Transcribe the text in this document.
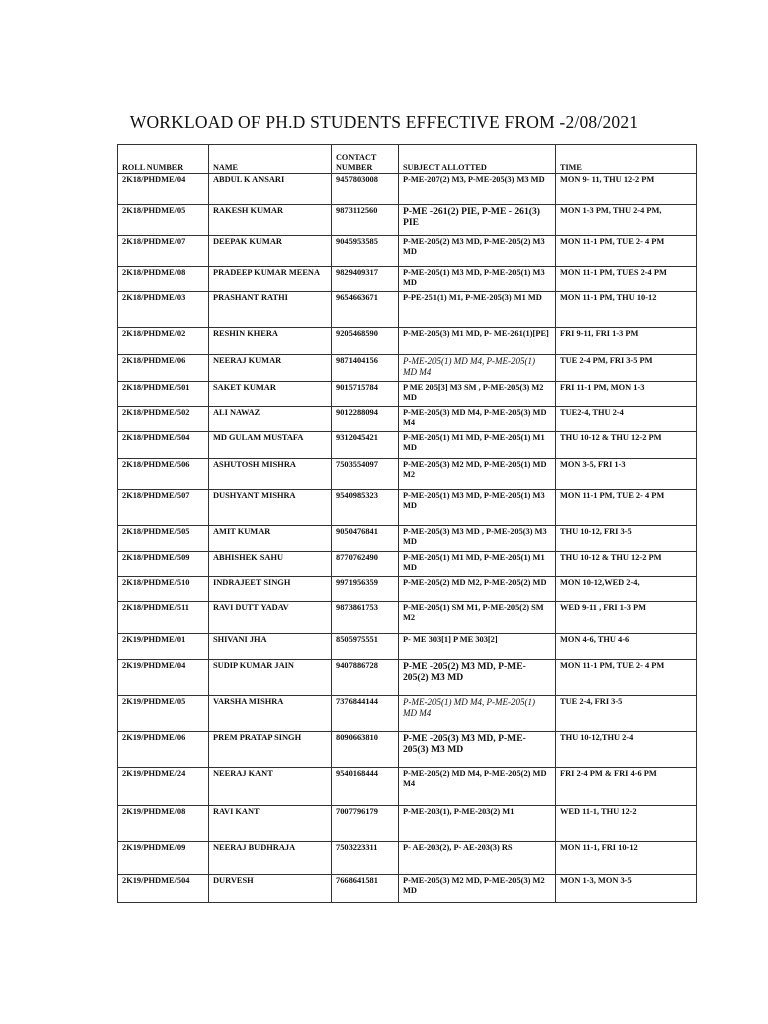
WORKLOAD OF PH.D STUDENTS EFFECTIVE FROM -2/08/2021
ROLL NUMBER	NAME	CONTACT NUMBER	SUBJECT ALLOTTED	TIME
2K18/PHDME/04	ABDUL K ANSARI	9457803008	P-ME-207(2) M3, P-ME-205(3) M3 MD	MON 9- 11, THU 12-2 PM
2K18/PHDME/05	RAKESH KUMAR	9873112560	P-ME -261(2) PIE, P-ME - 261(3) PIE	MON 1-3 PM, THU 2-4 PM,
2K18/PHDME/07	DEEPAK KUMAR	9045953585	P-ME-205(2) M3 MD, P-ME-205(2) M3 MD	MON 11-1 PM, TUE 2- 4 PM
2K18/PHDME/08	PRADEEP KUMAR MEENA	9829409317	P-ME-205(1) M3 MD, P-ME-205(1) M3 MD	MON 11-1 PM, TUES 2-4 PM
2K18/PHDME/03	PRASHANT RATHI	9654663671	P-PE-251(1) M1, P-ME-205(3) M1 MD	MON 11-1 PM, THU 10-12
2K18/PHDME/02	RESHIN KHERA	9205468590	P-ME-205(3) M1 MD, P- ME-261(1)[PE]	FRI 9-11, FRI 1-3 PM
2K18/PHDME/06	NEERAJ KUMAR	9871404156	P-ME-205(1) MD M4, P-ME-205(1) MD M4	TUE 2-4 PM, FRI 3-5 PM
2K18/PHDME/501	SAKET KUMAR	9015715784	P ME 205[3] M3 SM , P-ME-205(3) M2 MD	FRI 11-1 PM, MON 1-3
2K18/PHDME/502	ALI NAWAZ	9012288094	P-ME-205(3) MD M4, P-ME-205(3) MD M4	TUE2-4, THU 2-4
2K18/PHDME/504	MD GULAM MUSTAFA	9312045421	P-ME-205(1) M1 MD, P-ME-205(1) M1 MD	THU 10-12 & THU 12-2 PM
2K18/PHDME/506	ASHUTOSH MISHRA	7503554097	P-ME-205(3) M2 MD, P-ME-205(1) MD M2	MON 3-5, FRI 1-3
2K18/PHDME/507	DUSHYANT MISHRA	9540985323	P-ME-205(1) M3 MD, P-ME-205(1) M3 MD	MON 11-1 PM, TUE 2- 4 PM
2K18/PHDME/505	AMIT KUMAR	9050476841	P-ME-205(3) M3 MD , P-ME-205(3) M3 MD	THU 10-12, FRI 3-5
2K18/PHDME/509	ABHISHEK SAHU	8770762490	P-ME-205(1) M1 MD, P-ME-205(1) M1 MD	THU 10-12 & THU 12-2 PM
2K18/PHDME/510	INDRAJEET SINGH	9971956359	P-ME-205(2) MD M2, P-ME-205(2) MD	MON 10-12,WED 2-4,
2K18/PHDME/511	RAVI DUTT YADAV	9873861753	P-ME-205(1) SM M1, P-ME-205(2) SM M2	WED 9-11 , FRI 1-3 PM
2K19/PHDME/01	SHIVANI JHA	8505975551	P- ME 303[1] P ME 303[2]	MON 4-6, THU 4-6
2K19/PHDME/04	SUDIP KUMAR JAIN	9407886728	P-ME -205(2) M3 MD, P-ME-205(2) M3 MD	MON 11-1 PM, TUE 2- 4 PM
2K19/PHDME/05	VARSHA MISHRA	7376844144	P-ME-205(1) MD M4, P-ME-205(1) MD M4	TUE 2-4, FRI 3-5
2K19/PHDME/06	PREM PRATAP SINGH	8090663810	P-ME -205(3) M3 MD, P-ME-205(3) M3 MD	THU 10-12,THU 2-4
2K19/PHDME/24	NEERAJ KANT	9540168444	P-ME-205(2) MD M4, P-ME-205(2) MD M4	FRI 2-4 PM & FRI 4-6 PM
2K19/PHDME/08	RAVI KANT	7007796179	P-ME-203(1), P-ME-203(2) M1	WED 11-1, THU 12-2
2K19/PHDME/09	NEERAJ BUDHRAJA	7503223311	P- AE-203(2), P- AE-203(3) RS	MON 11-1, FRI 10-12
2K19/PHDME/504	DURVESH	7668641581	P-ME-205(3) M2 MD, P-ME-205(3) M2 MD	MON 1-3, MON 3-5
